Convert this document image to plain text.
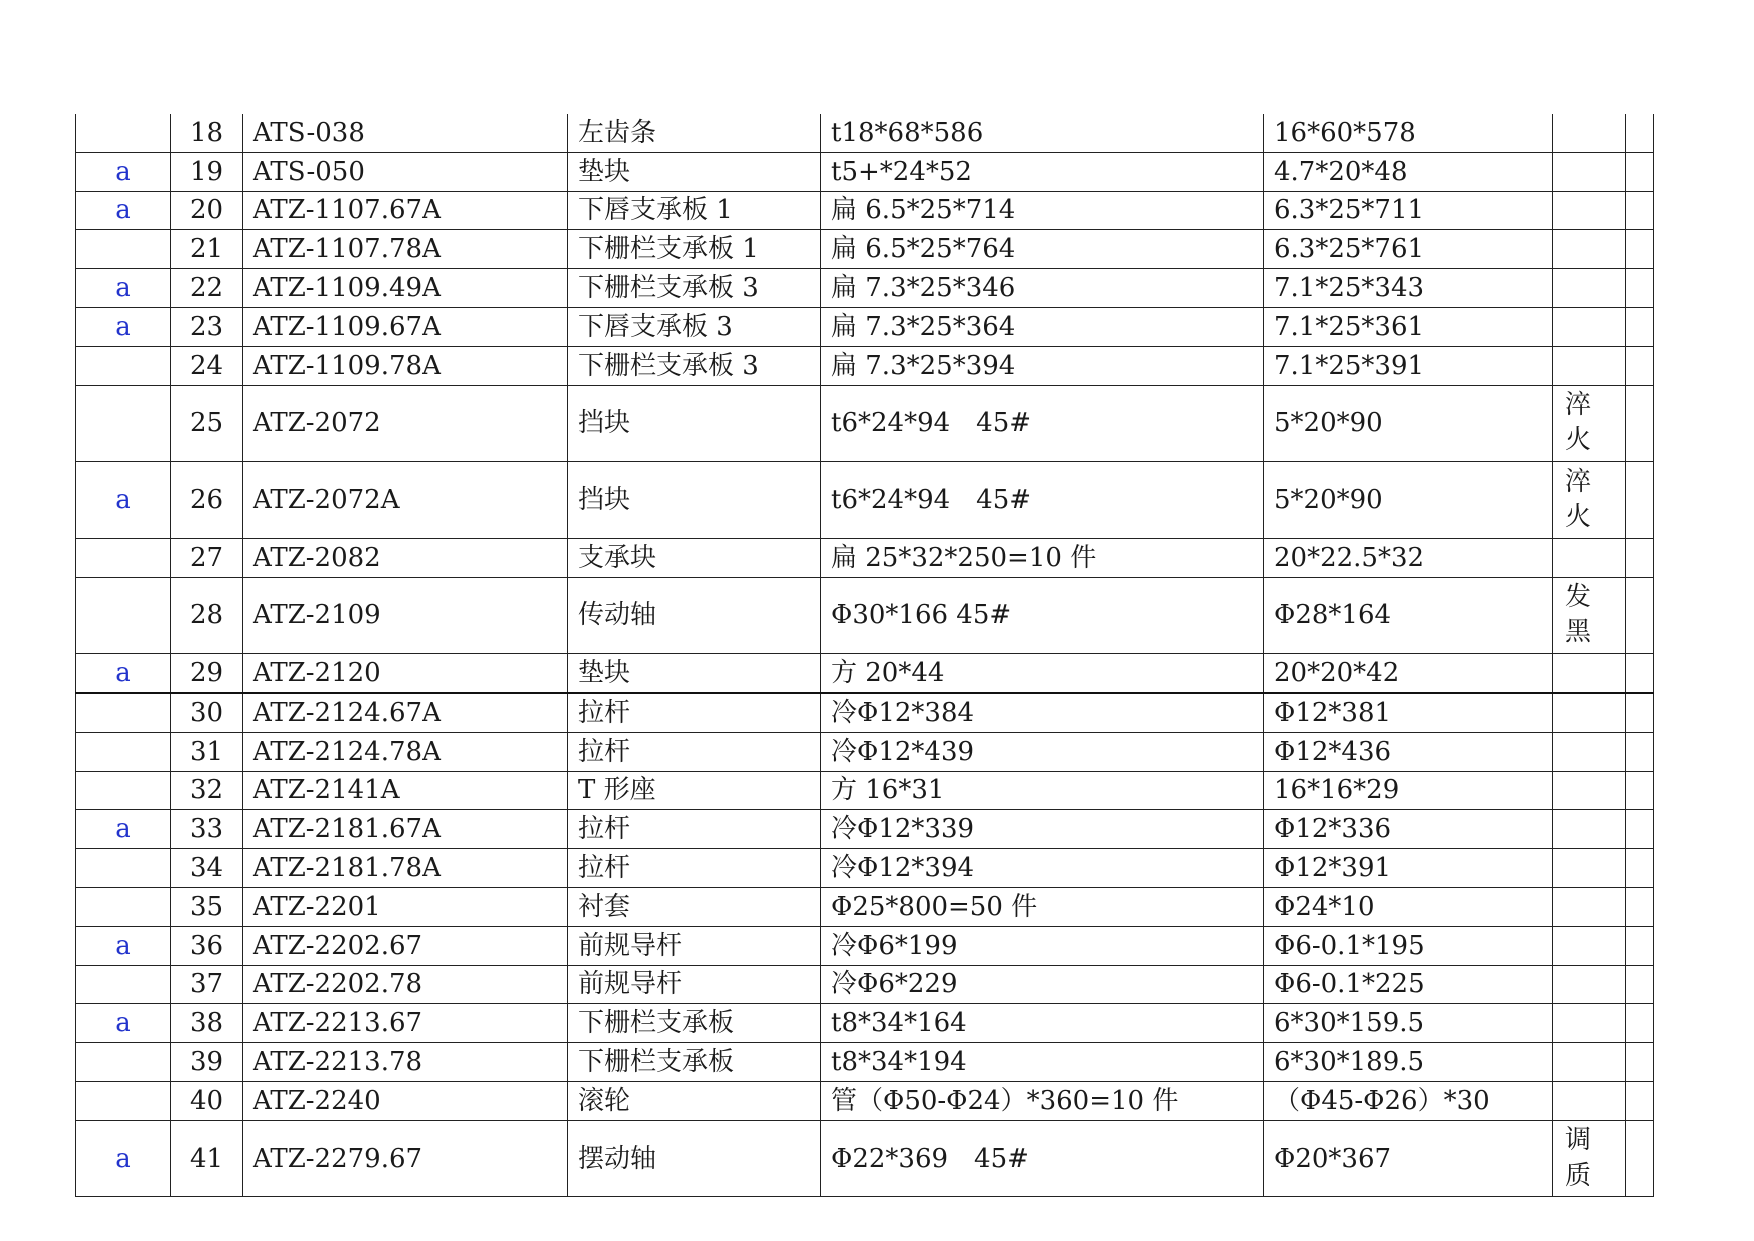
	18	ATS-038	左齿条	t18*68*586	16*60*578		
a	19	ATS-050	垫块	t5+*24*52	4.7*20*48		
a	20	ATZ-1107.67A	下唇支承板 1	扁 6.5*25*714	6.3*25*711		
	21	ATZ-1107.78A	下栅栏支承板 1	扁 6.5*25*764	6.3*25*761		
a	22	ATZ-1109.49A	下栅栏支承板 3	扁 7.3*25*346	7.1*25*343		
a	23	ATZ-1109.67A	下唇支承板 3	扁 7.3*25*364	7.1*25*361		
	24	ATZ-1109.78A	下栅栏支承板 3	扁 7.3*25*394	7.1*25*391		
	25	ATZ-2072	挡块	t6*24*94　45#	5*20*90	淬火	
a	26	ATZ-2072A	挡块	t6*24*94　45#	5*20*90	淬火	
	27	ATZ-2082	支承块	扁 25*32*250=10 件	20*22.5*32		
	28	ATZ-2109	传动轴	Φ30*166 45#	Φ28*164	发黑	
a	29	ATZ-2120	垫块	方 20*44	20*20*42		
	30	ATZ-2124.67A	拉杆	冷Φ12*384	Φ12*381		
	31	ATZ-2124.78A	拉杆	冷Φ12*439	Φ12*436		
	32	ATZ-2141A	T 形座	方 16*31	16*16*29		
a	33	ATZ-2181.67A	拉杆	冷Φ12*339	Φ12*336		
	34	ATZ-2181.78A	拉杆	冷Φ12*394	Φ12*391		
	35	ATZ-2201	衬套	Φ25*800=50 件	Φ24*10		
a	36	ATZ-2202.67	前规导杆	冷Φ6*199	Φ6-0.1*195		
	37	ATZ-2202.78	前规导杆	冷Φ6*229	Φ6-0.1*225		
a	38	ATZ-2213.67	下栅栏支承板	t8*34*164	6*30*159.5		
	39	ATZ-2213.78	下栅栏支承板	t8*34*194	6*30*189.5		
	40	ATZ-2240	滚轮	管（Φ50-Φ24）*360=10 件	（Φ45-Φ26）*30		
a	41	ATZ-2279.67	摆动轴	Φ22*369　45#	Φ20*367	调质	
